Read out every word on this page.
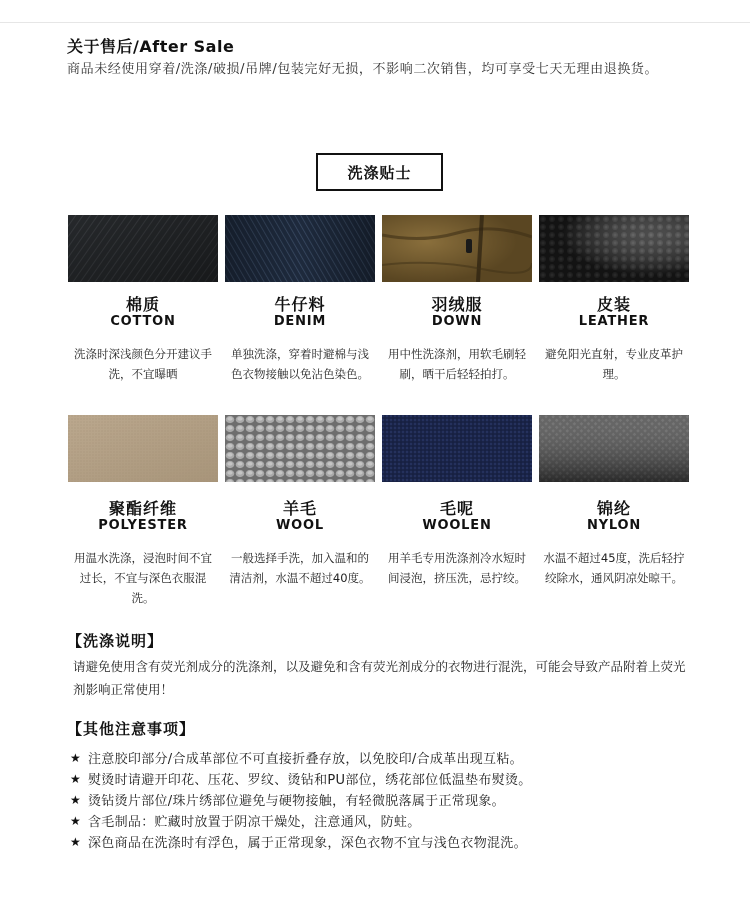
关于售后/After Sale
商品未经使用穿着/洗涤/破损/吊牌/包装完好无损，不影响二次销售，均可享受七天无理由退换货。
洗涤贴士
棉质
COTTON
洗涤时深浅颜色分开建议手洗，不宜曝晒
牛仔料
DENIM
单独洗涤，穿着时避棉与浅色衣物接触以免沾色染色。
羽绒服
DOWN
用中性洗涤剂，用软毛刷轻刷，晒干后轻轻拍打。
皮装
LEATHER
避免阳光直射，专业皮革护理。
聚酯纤维
POLYESTER
用温水洗涤，浸泡时间不宜过长，不宜与深色衣服混洗。
羊毛
WOOL
一般选择手洗，加入温和的清洁剂，水温不超过40度。
毛呢
WOOLEN
用羊毛专用洗涤剂冷水短时间浸泡，挤压洗，忌拧绞。
锦纶
NYLON
水温不超过45度，洗后轻拧绞除水，通风阴凉处晾干。
【洗涤说明】
请避免使用含有荧光剂成分的洗涤剂，以及避免和含有荧光剂成分的衣物进行混洗，可能会导致产品附着上荧光剂影响正常使用！
【其他注意事项】
★ 注意胶印部分/合成革部位不可直接折叠存放，以免胶印/合成革出现互粘。
★ 熨烫时请避开印花、压花、罗纹、烫钻和PU部位，绣花部位低温垫布熨烫。
★ 烫钻烫片部位/珠片绣部位避免与硬物接触，有轻微脱落属于正常现象。
★ 含毛制品：贮藏时放置于阴凉干燥处，注意通风，防蛀。
★ 深色商品在洗涤时有浮色，属于正常现象，深色衣物不宜与浅色衣物混洗。
